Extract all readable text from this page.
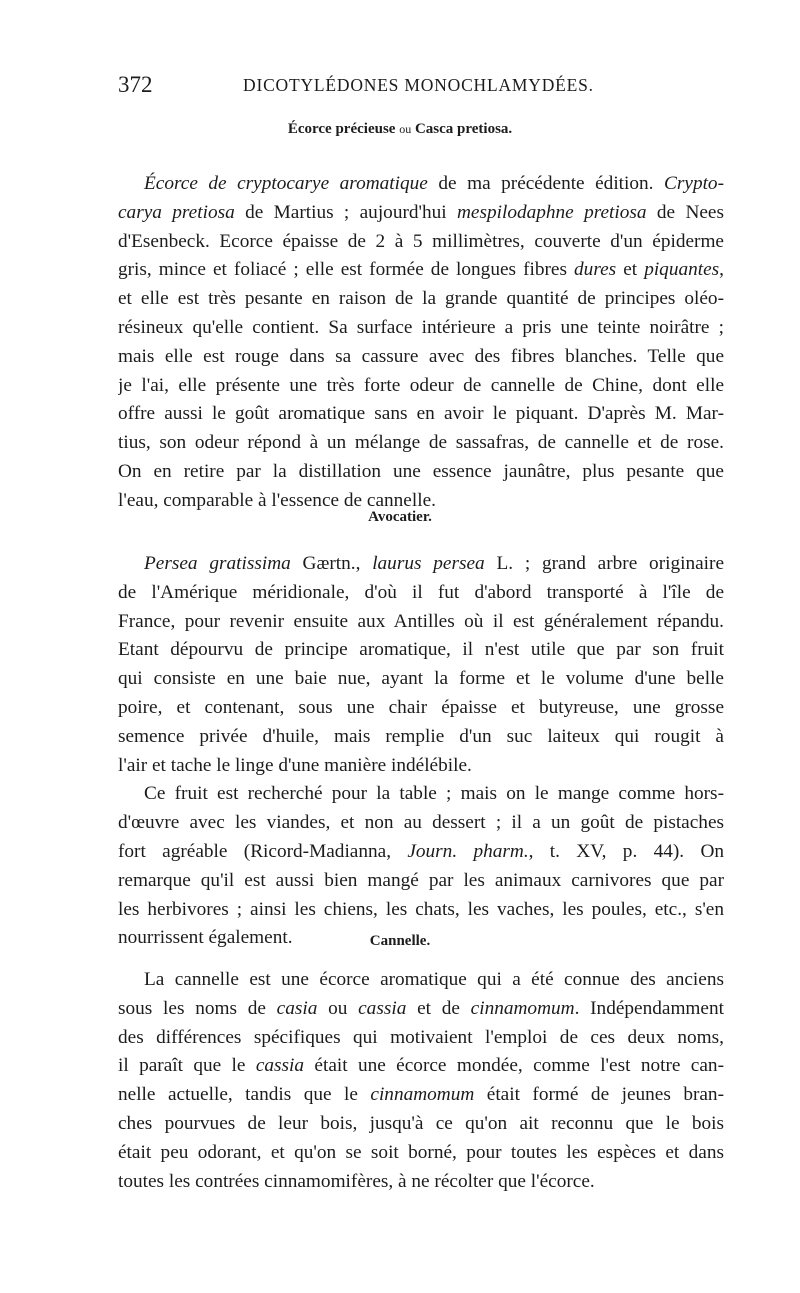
372	DICOTYLÉDONES MONOCHLAMYDÉES.
Écorce précieuse ou Casca pretiosa.
Écorce de cryptocarye aromatique de ma précédente édition. Crypto-
carya pretiosa de Martius ; aujourd'hui mespilodaphne pretiosa de Nees
d'Esenbeck. Ecorce épaisse de 2 à 5 millimètres, couverte d'un épiderme
gris, mince et foliacé ; elle est formée de longues fibres dures et piquantes,
et elle est très pesante en raison de la grande quantité de principes oléo-
résineux qu'elle contient. Sa surface intérieure a pris une teinte noirâtre ;
mais elle est rouge dans sa cassure avec des fibres blanches. Telle que
je l'ai, elle présente une très forte odeur de cannelle de Chine, dont elle
offre aussi le goût aromatique sans en avoir le piquant. D'après M. Mar-
tius, son odeur répond à un mélange de sassafras, de cannelle et de rose.
On en retire par la distillation une essence jaunâtre, plus pesante que
l'eau, comparable à l'essence de cannelle.
Avocatier.
Persea gratissima Gærtn., laurus persea L. ; grand arbre originaire
de l'Amérique méridionale, d'où il fut d'abord transporté à l'île de
France, pour revenir ensuite aux Antilles où il est généralement répandu.
Etant dépourvu de principe aromatique, il n'est utile que par son fruit
qui consiste en une baie nue, ayant la forme et le volume d'une belle
poire, et contenant, sous une chair épaisse et butyreuse, une grosse
semence privée d'huile, mais remplie d'un suc laiteux qui rougit à
l'air et tache le linge d'une manière indélébile.
Ce fruit est recherché pour la table ; mais on le mange comme hors-
d'œuvre avec les viandes, et non au dessert ; il a un goût de pistaches
fort agréable (Ricord-Madianna, Journ. pharm., t. XV, p. 44). On
remarque qu'il est aussi bien mangé par les animaux carnivores que par
les herbivores ; ainsi les chiens, les chats, les vaches, les poules, etc., s'en
nourrissent également.	Cannelle.
La cannelle est une écorce aromatique qui a été connue des anciens
sous les noms de casia ou cassia et de cinnamomum. Indépendamment
des différences spécifiques qui motivaient l'emploi de ces deux noms,
il paraît que le cassia était une écorce mondée, comme l'est notre can-
nelle actuelle, tandis que le cinnamomum était formé de jeunes bran-
ches pourvues de leur bois, jusqu'à ce qu'on ait reconnu que le bois
était peu odorant, et qu'on se soit borné, pour toutes les espèces et dans
toutes les contrées cinnamomifères, à ne récolter que l'écorce.
